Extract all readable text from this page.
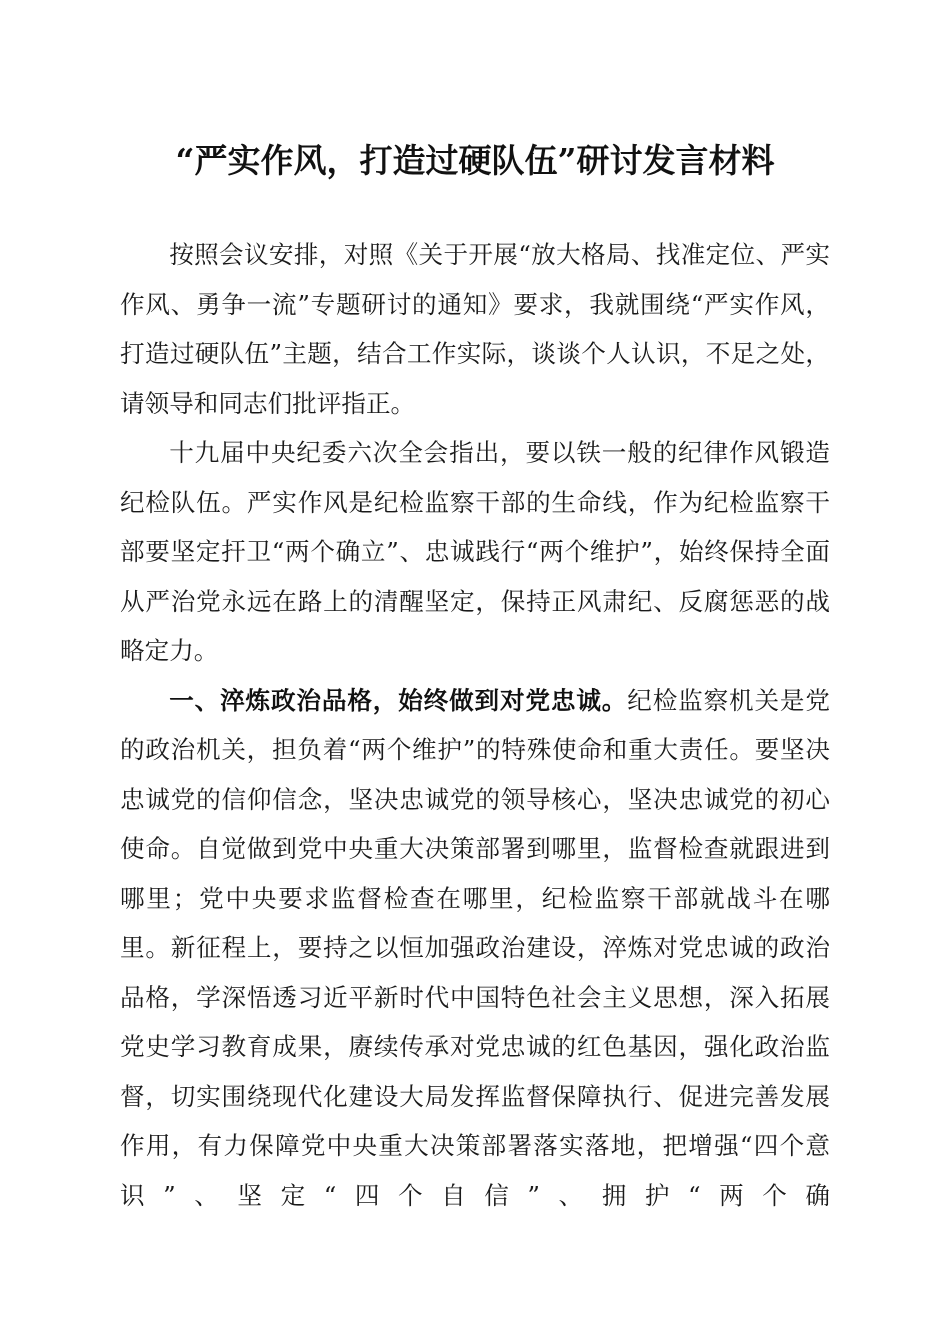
“严实作风，打造过硬队伍”研讨发言材料

按照会议安排，对照《关于开展“放大格局、找准定位、严实作风、勇争一流”专题研讨的通知》要求，我就围绕“严实作风，打造过硬队伍”主题，结合工作实际，谈谈个人认识，不足之处，请领导和同志们批评指正。

十九届中央纪委六次全会指出，要以铁一般的纪律作风锻造纪检队伍。严实作风是纪检监察干部的生命线，作为纪检监察干部要坚定扞卫“两个确立”、忠诚践行“两个维护”，始终保持全面从严治党永远在路上的清醒坚定，保持正风肃纪、反腐惩恶的战略定力。

一、淬炼政治品格，始终做到对党忠诚。纪检监察机关是党的政治机关，担负着“两个维护”的特殊使命和重大责任。要坚决忠诚党的信仰信念，坚决忠诚党的领导核心，坚决忠诚党的初心使命。自觉做到党中央重大决策部署到哪里，监督检查就跟进到哪里；党中央要求监督检查在哪里，纪检监察干部就战斗在哪里。新征程上，要持之以恒加强政治建设，淬炼对党忠诚的政治品格，学深悟透习近平新时代中国特色社会主义思想，深入拓展党史学习教育成果，赓续传承对党忠诚的红色基因，强化政治监督，切实围绕现代化建设大局发挥监督保障执行、促进完善发展作用，有力保障党中央重大决策部署落实落地，把增强“四个意识”、坚定“四个自信”、拥护“两个确
